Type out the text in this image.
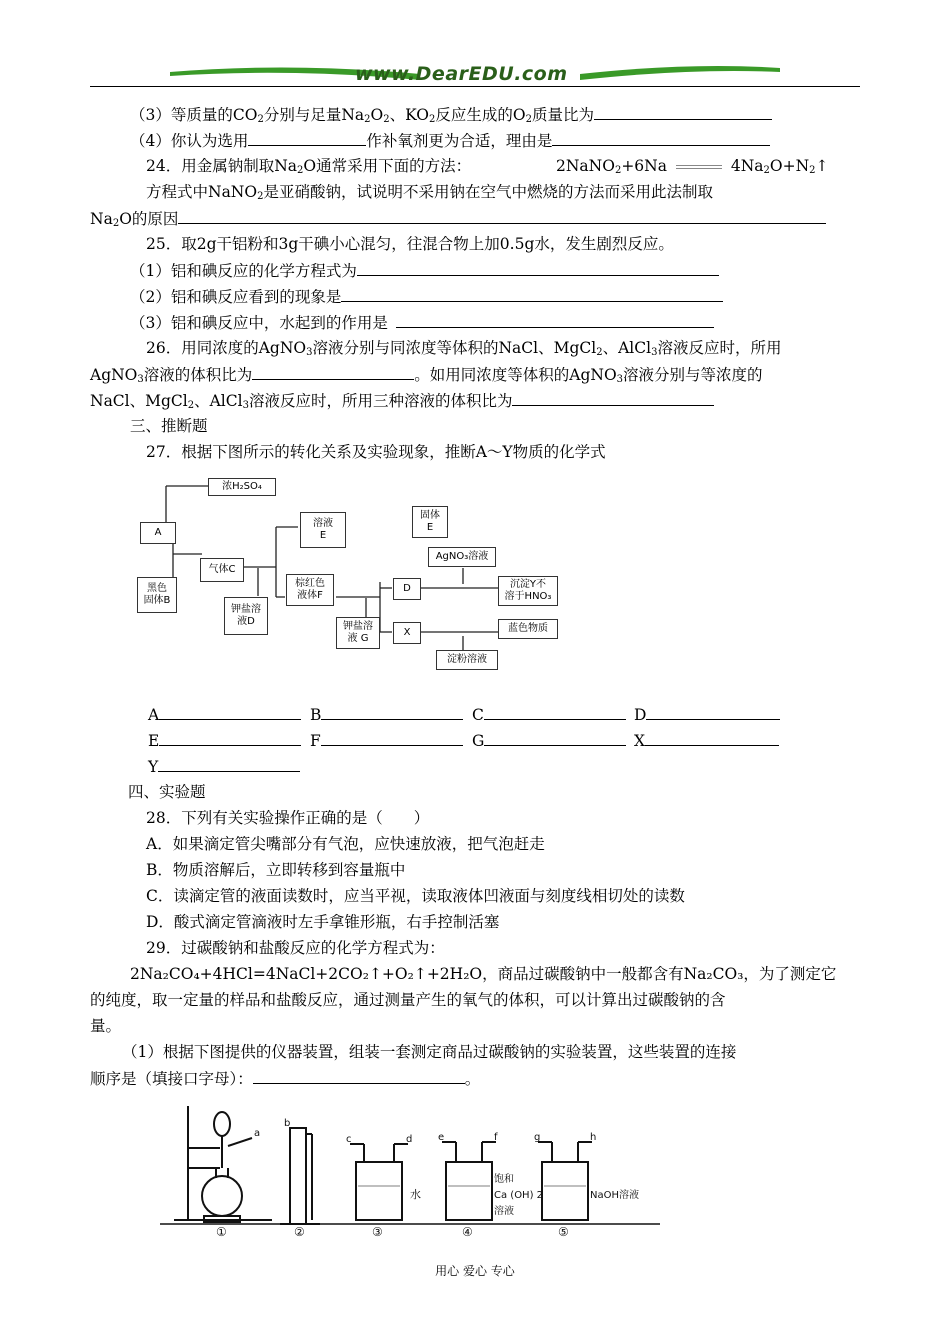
www.DearEDU.com
（3）等质量的$CO_2$分别与足量$Na_2O_2$、$KO_2$反应生成的$O_2$质量比为
（4）你认为选用	作补氧剂更为合适，理由是
24．用金属钠制取$Na_2O$通常采用下面的方法：	2NaNO$_2$+6Na	$4Na_2O+N_2↑$
方程式中NaNO$_2$是亚硝酸钠，试说明不采用钠在空气中燃烧的方法而采用此法制取
$Na_2O$的原因
25．取2g干铝粉和3g干碘小心混匀，往混合物上加0.5g水，发生剧烈反应。
（1）铝和碘反应的化学方程式为
（2）铝和碘反应看到的现象是
（3）铝和碘反应中，水起到的作用是
26．用同浓度的AgNO$_3$溶液分别与同浓度等体积的NaCl、MgCl$_2$、AlCl$_3$溶液反应时，所用
AgNO$_3$溶液的体积比为	。如用同浓度等体积的AgNO$_3$溶液分别与等浓度的
NaCl、MgCl$_2$、AlCl$_3$溶液反应时，所用三种溶液的体积比为
三、推断题
27．根据下图所示的转化关系及实验现象，推断A～Y物质的化学式
浓H₂SO₄
A
黑色
固体B
气体C
钾盐溶
液D
溶液
E
固体
E
棕红色
液体F
钾盐溶
液 G
D
X
AgNO₃溶液
沉淀Y不
溶于HNO₃
蓝色物质
淀粉溶液
A	B	C	D
E	F	G	X
Y
四、实验题
28．下列有关实验操作正确的是（　　）
A．如果滴定管尖嘴部分有气泡，应快速放液，把气泡赶走
B．物质溶解后，立即转移到容量瓶中
C．读滴定管的液面读数时，应当平视，读取液体凹液面与刻度线相切处的读数
D．酸式滴定管滴液时左手拿锥形瓶，右手控制活塞
29．过碳酸钠和盐酸反应的化学方程式为：
2Na₂CO₄+4HCl=4NaCl+2CO₂↑+O₂↑+2H₂O，商品过碳酸钠中一般都含有Na₂CO₃，为了测定它
的纯度，取一定量的样品和盐酸反应，通过测量产生的氧气的体积，可以计算出过碳酸钠的含
量。
（1）根据下图提供的仪器装置，组装一套测定商品过碳酸钠的实验装置，这些装置的连接
顺序是（填接口字母）：	。
a
b
c	d	e	f	g	h
水
饱和
Ca (OH) 2
溶液
NaOH溶液
①	②	③	④	⑤
用心 爱心 专心
